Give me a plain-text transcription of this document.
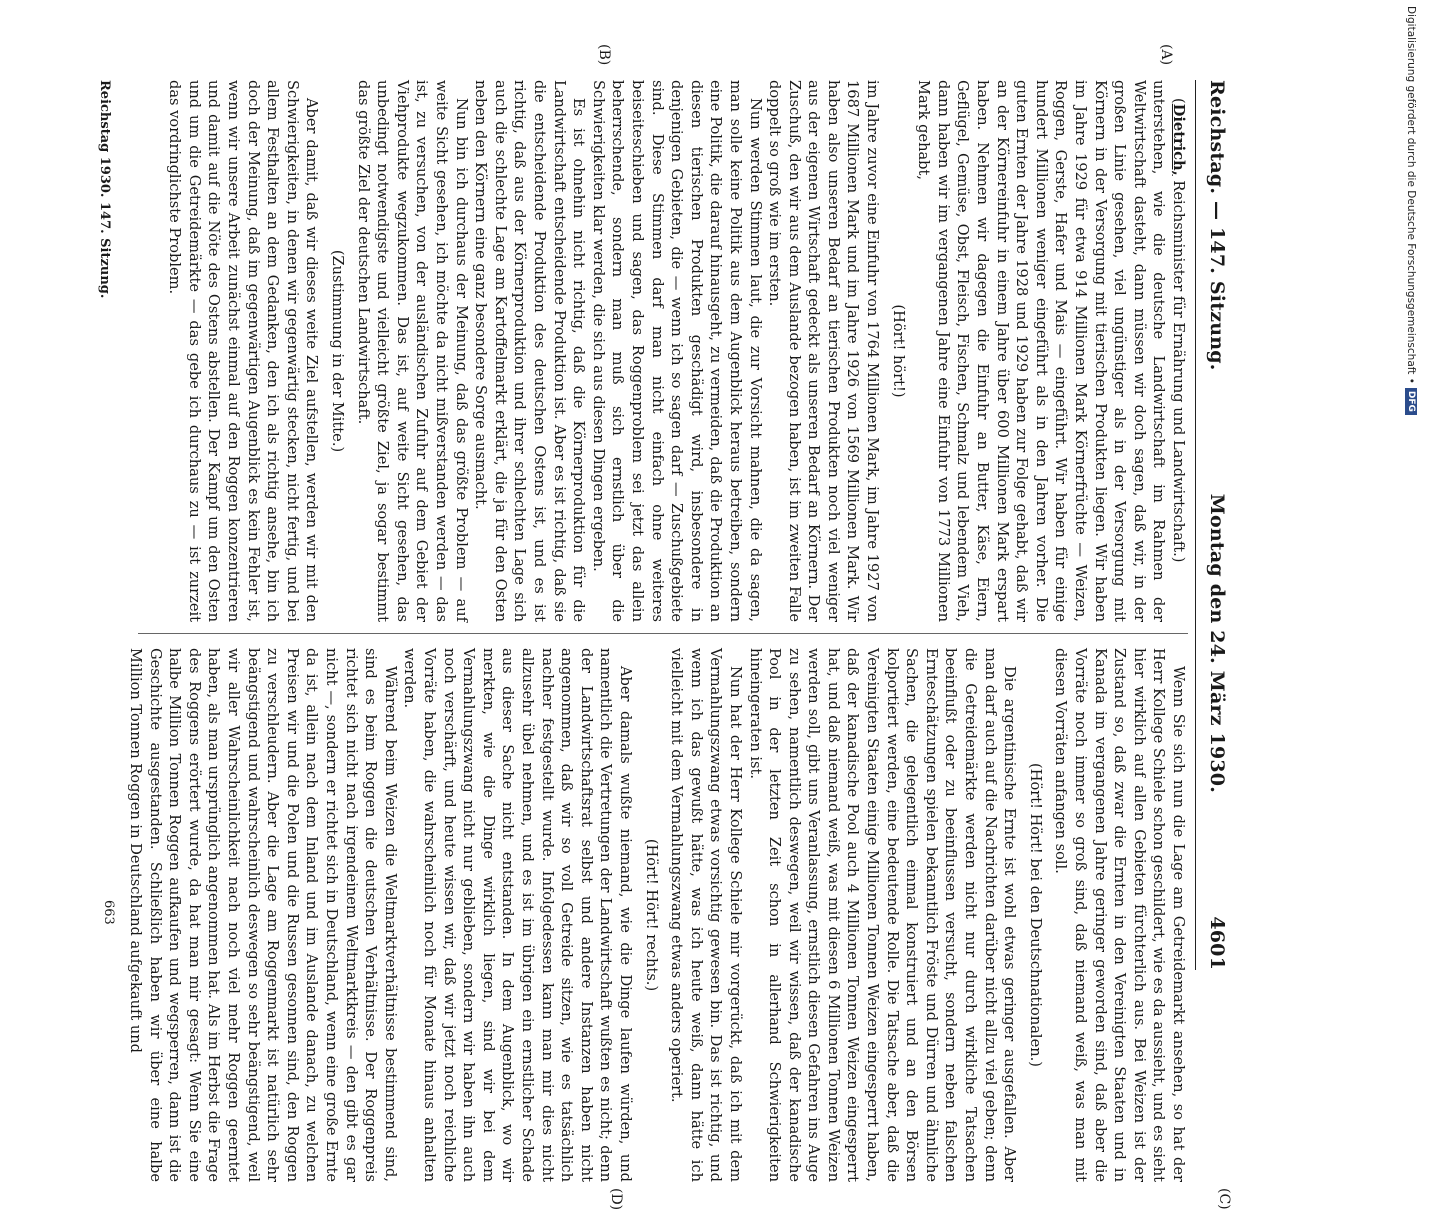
Reichstag. — 147. Sitzung.
Montag den 24. März 1930.
4601

(Dietrich, Reichsminister für Ernährung und Landwirtschaft.)

unterstehen, wie die deutsche Landwirtschaft im Rahmen der Weltwirtschaft dasteht, dann müssen wir doch sagen, daß wir, in der großen Linie gesehen, viel ungünstiger als in der Versorgung mit Körnern in der Versorgung mit tierischen Produkten liegen. Wir haben im Jahre 1929 für etwa 914 Millionen Mark Körnerfrüchte — Weizen, Roggen, Gerste, Hafer und Mais — eingeführt. Wir haben für einige hundert Millionen weniger eingeführt als in den Jahren vorher. Die guten Ernten der Jahre 1928 und 1929 haben zur Folge gehabt, daß wir an der Körnereinfuhr in einem Jahre über 600 Millionen Mark erspart haben. Nehmen wir dagegen die Einfuhr an Butter, Käse, Eiern, Geflügel, Gemüse, Obst, Fleisch, Fischen, Schmalz und lebendem Vieh, dann haben wir im vergangenen Jahre eine Einfuhr von 1773 Millionen Mark gehabt,

(Hört! hört!)

im Jahre zuvor eine Einfuhr von 1764 Millionen Mark, im Jahre 1927 von 1687 Millionen Mark und im Jahre 1926 von 1569 Millionen Mark. Wir haben also unseren Bedarf an tierischen Produkten noch viel weniger aus der eigenen Wirtschaft gedeckt als unseren Bedarf an Körnern. Der Zuschuß, den wir aus dem Auslande bezogen haben, ist im zweiten Falle doppelt so groß wie im ersten.

Nun werden Stimmen laut, die zur Vorsicht mahnen, die da sagen, man solle keine Politik aus dem Augenblick heraus betreiben, sondern eine Politik, die darauf hinausgeht, zu vermeiden, daß die Produktion an diesen tierischen Produkten geschädigt wird, insbesondere in denjenigen Gebieten, die — wenn ich so sagen darf — Zuschußgebiete sind. Diese Stimmen darf man nicht einfach ohne weiteres beiseiteschieben und sagen, das Roggenproblem sei jetzt das allein beherrschende, sondern man muß sich ernstlich über die Schwierigkeiten klar werden, die sich aus diesen Dingen ergeben.

Es ist ohnehin nicht richtig, daß die Körnerproduktion für die Landwirtschaft entscheidende Produktion ist. Aber es ist richtig, daß sie die entscheidende Produktion des deutschen Ostens ist, und es ist richtig, daß aus der Körnerproduktion und ihrer schlechten Lage sich auch die schlechte Lage am Kartoffelmarkt erklärt, die ja für den Osten neben den Körnern eine ganz besondere Sorge ausmacht.

Nun bin ich durchaus der Meinung, daß das größte Problem — auf weite Sicht gesehen, ich möchte da nicht mißverstanden werden — das ist, zu versuchen, von der ausländischen Zufuhr auf dem Gebiet der Viehprodukte wegzukommen. Das ist, auf weite Sicht gesehen, das unbedingt notwendigste und vielleicht größte Ziel, ja sogar bestimmt das größte Ziel der deutschen Landwirtschaft.

(Zustimmung in der Mitte.)

Aber damit, daß wir dieses weite Ziel aufstellen, werden wir mit den Schwierigkeiten, in denen wir gegenwärtig stecken, nicht fertig, und bei allem Festhalten an dem Gedanken, den ich als richtig ansehe, bin ich doch der Meinung, daß im gegenwärtigen Augenblick es kein Fehler ist, wenn wir unsere Arbeit zunächst einmal auf den Roggen konzentrieren und damit auf die Nöte des Ostens abstellen. Der Kampf um den Osten und um die Getreidemärkte — das gebe ich durchaus zu — ist zurzeit das vordringlichste Problem.

Wenn Sie sich nun die Lage am Getreidemarkt ansehen, so hat der Herr Kollege Schiele schon geschildert, wie es da aussieht, und es sieht hier wirklich auf allen Gebieten fürchterlich aus. Bei Weizen ist der Zustand so, daß zwar die Ernten in den Vereinigten Staaten und in Kanada im vergangenen Jahre geringer geworden sind, daß aber die Vorräte noch immer so groß sind, daß niemand weiß, was man mit diesen Vorräten anfangen soll.

(Hört! Hört! bei den Deutschnationalen.)

Die argentinische Ernte ist wohl etwas geringer ausgefallen. Aber man darf auch auf die Nachrichten darüber nicht allzu viel geben; denn die Getreidemärkte werden nicht nur durch wirkliche Tatsachen beeinflußt oder zu beeinflussen versucht, sondern neben falschen Ernteschätzungen spielen bekanntlich Fröste und Dürren und ähnliche Sachen, die gelegentlich einmal konstruiert und an den Börsen kolportiert werden, eine bedeutende Rolle. Die Tatsache aber, daß die Vereinigten Staaten einige Millionen Tonnen Weizen eingesperrt haben, daß der kanadische Pool auch 4 Millionen Tonnen Weizen eingesperrt hat, und daß niemand weiß, was mit diesen 6 Millionen Tonnen Weizen werden soll, gibt uns Veranlassung, ernstlich diesen Gefahren ins Auge zu sehen, namentlich deswegen, weil wir wissen, daß der kanadische Pool in der letzten Zeit schon in allerhand Schwierigkeiten hineingeraten ist.

Nun hat der Herr Kollege Schiele mir vorgerückt, daß ich mit dem Vermahlungszwang etwas vorsichtig gewesen bin. Das ist richtig, und wenn ich das gewußt hätte, was ich heute weiß, dann hätte ich vielleicht mit dem Vermahlungszwang etwas anders operiert.

(Hört! Hört! rechts.)

Aber damals wußte niemand, wie die Dinge laufen würden, und namentlich die Vertretungen der Landwirtschaft wußten es nicht; denn der Landwirtschaftsrat selbst und andere Instanzen haben nicht angenommen, daß wir so voll Getreide sitzen, wie es tatsächlich nachher festgestellt wurde. Infolgedessen kann man mir dies nicht allzusehr übel nehmen, und es ist im übrigen ein ernstlicher Schade aus dieser Sache nicht entstanden. In dem Augenblick, wo wir merkten, wie die Dinge wirklich liegen, sind wir bei dem Vermahlungszwang nicht nur geblieben, sondern wir haben ihn auch noch verschärft, und heute wissen wir, daß wir jetzt noch reichliche Vorräte haben, die wahrscheinlich noch für Monate hinaus anhalten werden.

Während beim Weizen die Weltmarktverhältnisse bestimmend sind, sind es beim Roggen die deutschen Verhältnisse. Der Roggenpreis richtet sich nicht nach irgendeinem Weltmarktkreis — den gibt es gar nicht —, sondern er richtet sich in Deutschland, wenn eine große Ernte da ist, allein nach dem Inland und im Auslande danach, zu welchen Preisen wir und die Polen und die Russen gesonnen sind, den Roggen zu verschleudern. Aber die Lage am Roggenmarkt ist natürlich sehr beängstigend und wahrscheinlich deswegen so sehr beängstigend, weil wir aller Wahrscheinlichkeit nach noch viel mehr Roggen geerntet haben, als man ursprünglich angenommen hat. Als im Herbst die Frage des Roggens erörtert wurde, da hat man mir gesagt: Wenn Sie eine halbe Million Tonnen Roggen aufkaufen und wegsperren, dann ist die Geschichte ausgestanden. Schließlich haben wir über eine halbe Million Tonnen Roggen in Deutschland aufgekauft und

(A)
(B)
(C)
(D)
Reichstag 1930. 147. Sitzung.
663
Digitalisierung gefördert durch die Deutsche Forschungsgemeinschaft •
DFG
